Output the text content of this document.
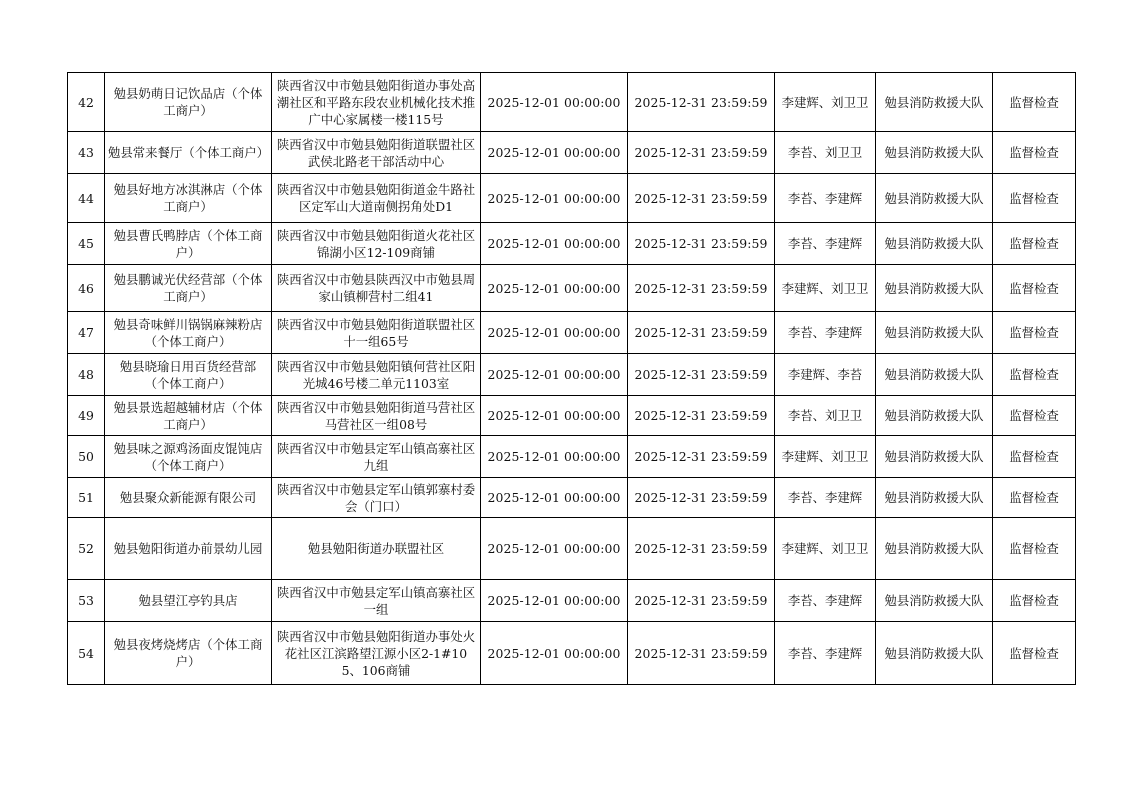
42	勉县奶萌日记饮品店（个体工商户）	陕西省汉中市勉县勉阳街道办事处高潮社区和平路东段农业机械化技术推广中心家属楼一楼115号	2025-12-01 00:00:00	2025-12-31 23:59:59	李建辉、刘卫卫	勉县消防救援大队	监督检查
43	勉县常来餐厅（个体工商户）	陕西省汉中市勉县勉阳街道联盟社区武侯北路老干部活动中心	2025-12-01 00:00:00	2025-12-31 23:59:59	李苔、刘卫卫	勉县消防救援大队	监督检查
44	勉县好地方冰淇淋店（个体工商户）	陕西省汉中市勉县勉阳街道金牛路社区定军山大道南侧拐角处D1	2025-12-01 00:00:00	2025-12-31 23:59:59	李苔、李建辉	勉县消防救援大队	监督检查
45	勉县曹氏鸭脖店（个体工商户）	陕西省汉中市勉县勉阳街道火花社区锦湖小区12-109商铺	2025-12-01 00:00:00	2025-12-31 23:59:59	李苔、李建辉	勉县消防救援大队	监督检查
46	勉县鹏诚光伏经营部（个体工商户）	陕西省汉中市勉县陕西汉中市勉县周家山镇柳营村二组41	2025-12-01 00:00:00	2025-12-31 23:59:59	李建辉、刘卫卫	勉县消防救援大队	监督检查
47	勉县奇味鲜川锅锅麻辣粉店（个体工商户）	陕西省汉中市勉县勉阳街道联盟社区十一组65号	2025-12-01 00:00:00	2025-12-31 23:59:59	李苔、李建辉	勉县消防救援大队	监督检查
48	勉县晓瑜日用百货经营部（个体工商户）	陕西省汉中市勉县勉阳镇何营社区阳光城46号楼二单元1103室	2025-12-01 00:00:00	2025-12-31 23:59:59	李建辉、李苔	勉县消防救援大队	监督检查
49	勉县景选超越辅材店（个体工商户）	陕西省汉中市勉县勉阳街道马营社区马营社区一组08号	2025-12-01 00:00:00	2025-12-31 23:59:59	李苔、刘卫卫	勉县消防救援大队	监督检查
50	勉县味之源鸡汤面皮馄饨店（个体工商户）	陕西省汉中市勉县定军山镇高寨社区九组	2025-12-01 00:00:00	2025-12-31 23:59:59	李建辉、刘卫卫	勉县消防救援大队	监督检查
51	勉县聚众新能源有限公司	陕西省汉中市勉县定军山镇郭寨村委会（门口）	2025-12-01 00:00:00	2025-12-31 23:59:59	李苔、李建辉	勉县消防救援大队	监督检查
52	勉县勉阳街道办前景幼儿园	勉县勉阳街道办联盟社区	2025-12-01 00:00:00	2025-12-31 23:59:59	李建辉、刘卫卫	勉县消防救援大队	监督检查
53	勉县望江亭钓具店	陕西省汉中市勉县定军山镇高寨社区一组	2025-12-01 00:00:00	2025-12-31 23:59:59	李苔、李建辉	勉县消防救援大队	监督检查
54	勉县夜烤烧烤店（个体工商户）	陕西省汉中市勉县勉阳街道办事处火花社区江滨路望江源小区2-1#105、106商铺	2025-12-01 00:00:00	2025-12-31 23:59:59	李苔、李建辉	勉县消防救援大队	监督检查
